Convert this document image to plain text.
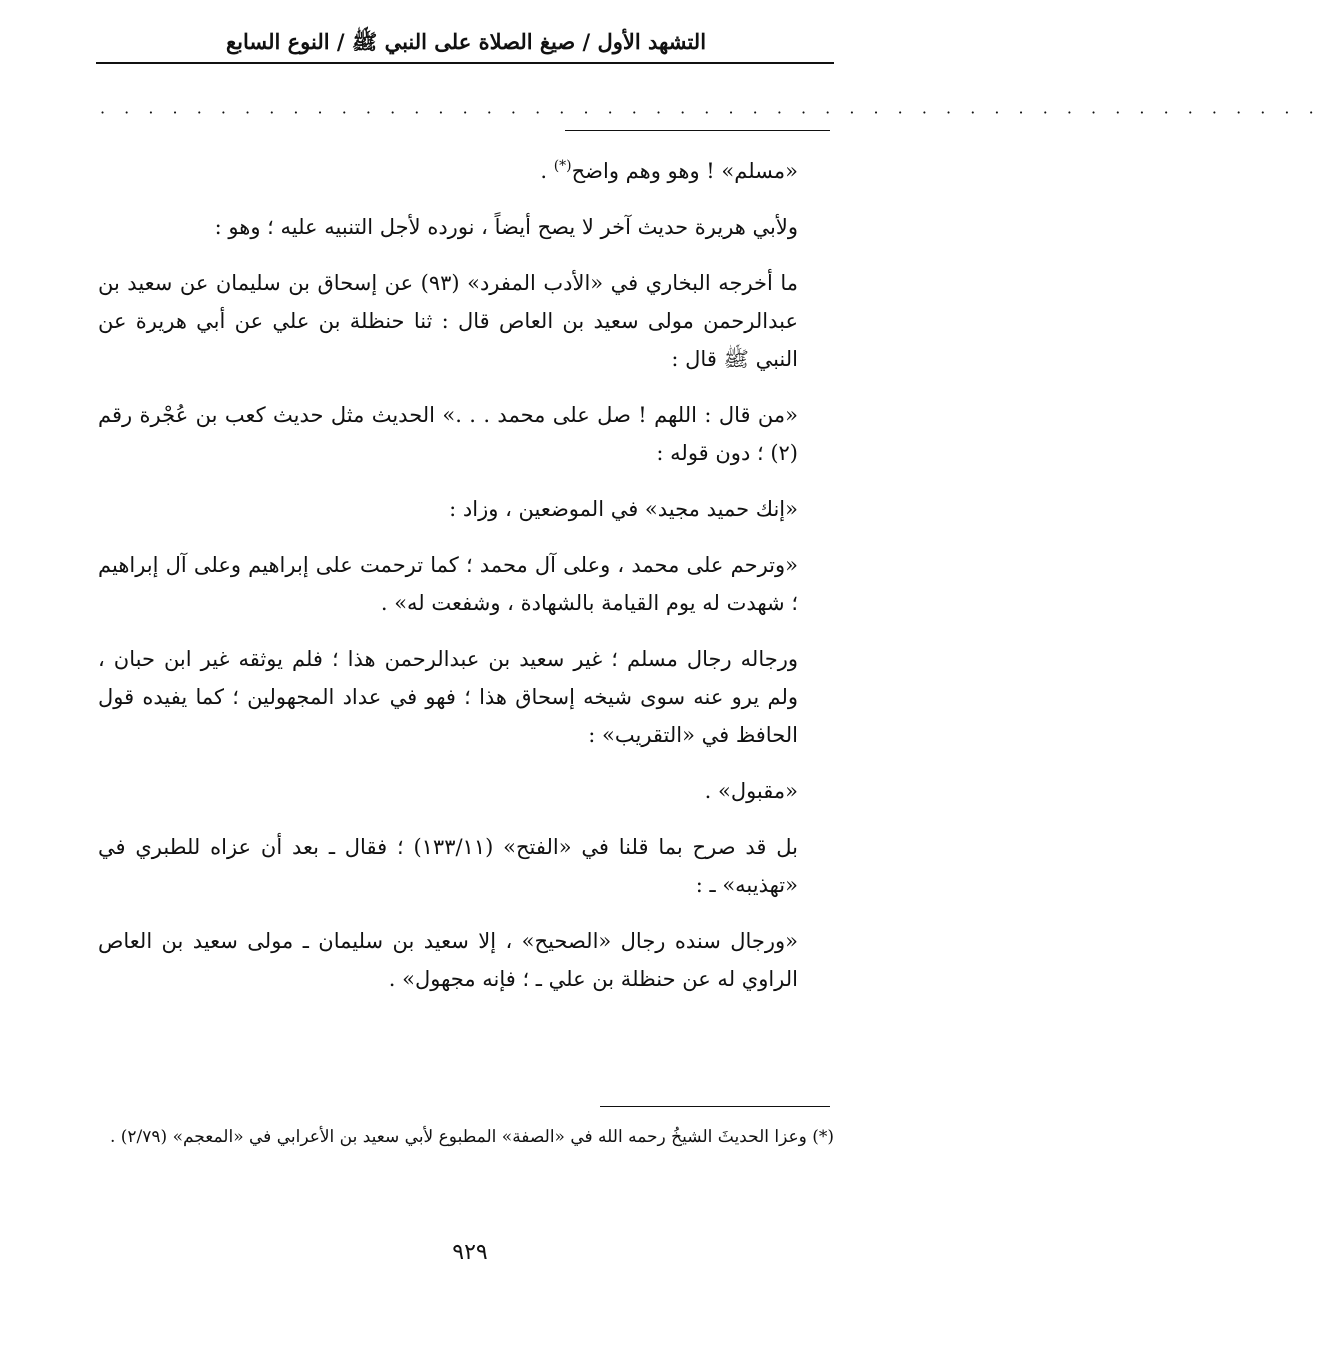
التشهد الأول / صيغ الصلاة على النبي ﷺ / النوع السابع
· · · · · · · · · · · · · · · · · · · · · · · · · · · · · · · · · · · · · · · · · · · · · · · · · · ·

«مسلم» ! وهو وهم واضح(*) .

ولأبي هريرة حديث آخر لا يصح أيضاً ، نورده لأجل التنبيه عليه ؛ وهو :

ما أخرجه البخاري في «الأدب المفرد» (٩٣) عن إسحاق بن سليمان عن سعيد بن عبدالرحمن مولى سعيد بن العاص قال : ثنا حنظلة بن علي عن أبي هريرة عن النبي ﷺ قال :

«من قال : اللهم ! صل على محمد . . .» الحديث مثل حديث كعب بن عُجْرة رقم (٢) ؛ دون قوله :

«إنك حميد مجيد» في الموضعين ، وزاد :

«وترحم على محمد ، وعلى آل محمد ؛ كما ترحمت على إبراهيم وعلى آل إبراهيم ؛ شهدت له يوم القيامة بالشهادة ، وشفعت له» .

ورجاله رجال مسلم ؛ غير سعيد بن عبدالرحمن هذا ؛ فلم يوثقه غير ابن حبان ، ولم يرو عنه سوى شيخه إسحاق هذا ؛ فهو في عداد المجهولين ؛ كما يفيده قول الحافظ في «التقريب» :

«مقبول» .

بل قد صرح بما قلنا في «الفتح» (١٣٣/١١) ؛ فقال ـ بعد أن عزاه للطبري في «تهذيبه» ـ :

«ورجال سنده رجال «الصحيح» ، إلا سعيد بن سليمان ـ مولى سعيد بن العاص الراوي له عن حنظلة بن علي ـ ؛ فإنه مجهول» .

(*) وعزا الحديثَ الشيخُ رحمه الله في «الصفة» المطبوع لأبي سعيد بن الأعرابي في «المعجم» (٢/٧٩) .
٩٢٩
